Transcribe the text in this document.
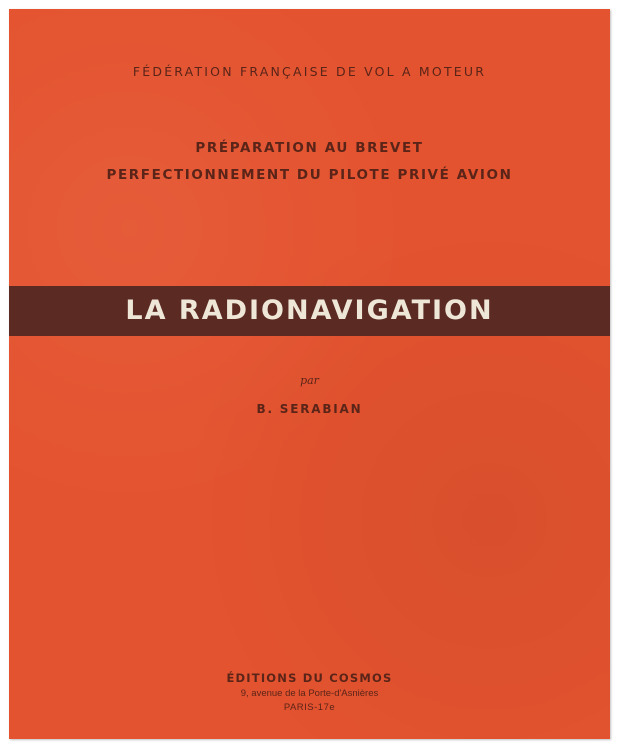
FÉDÉRATION FRANÇAISE DE VOL A MOTEUR
PRÉPARATION AU BREVET
PERFECTIONNEMENT DU PILOTE PRIVÉ AVION
LA RADIONAVIGATION
par
B. SERABIAN
ÉDITIONS DU COSMOS
9, avenue de la Porte-d'Asnières
PARIS-17e
